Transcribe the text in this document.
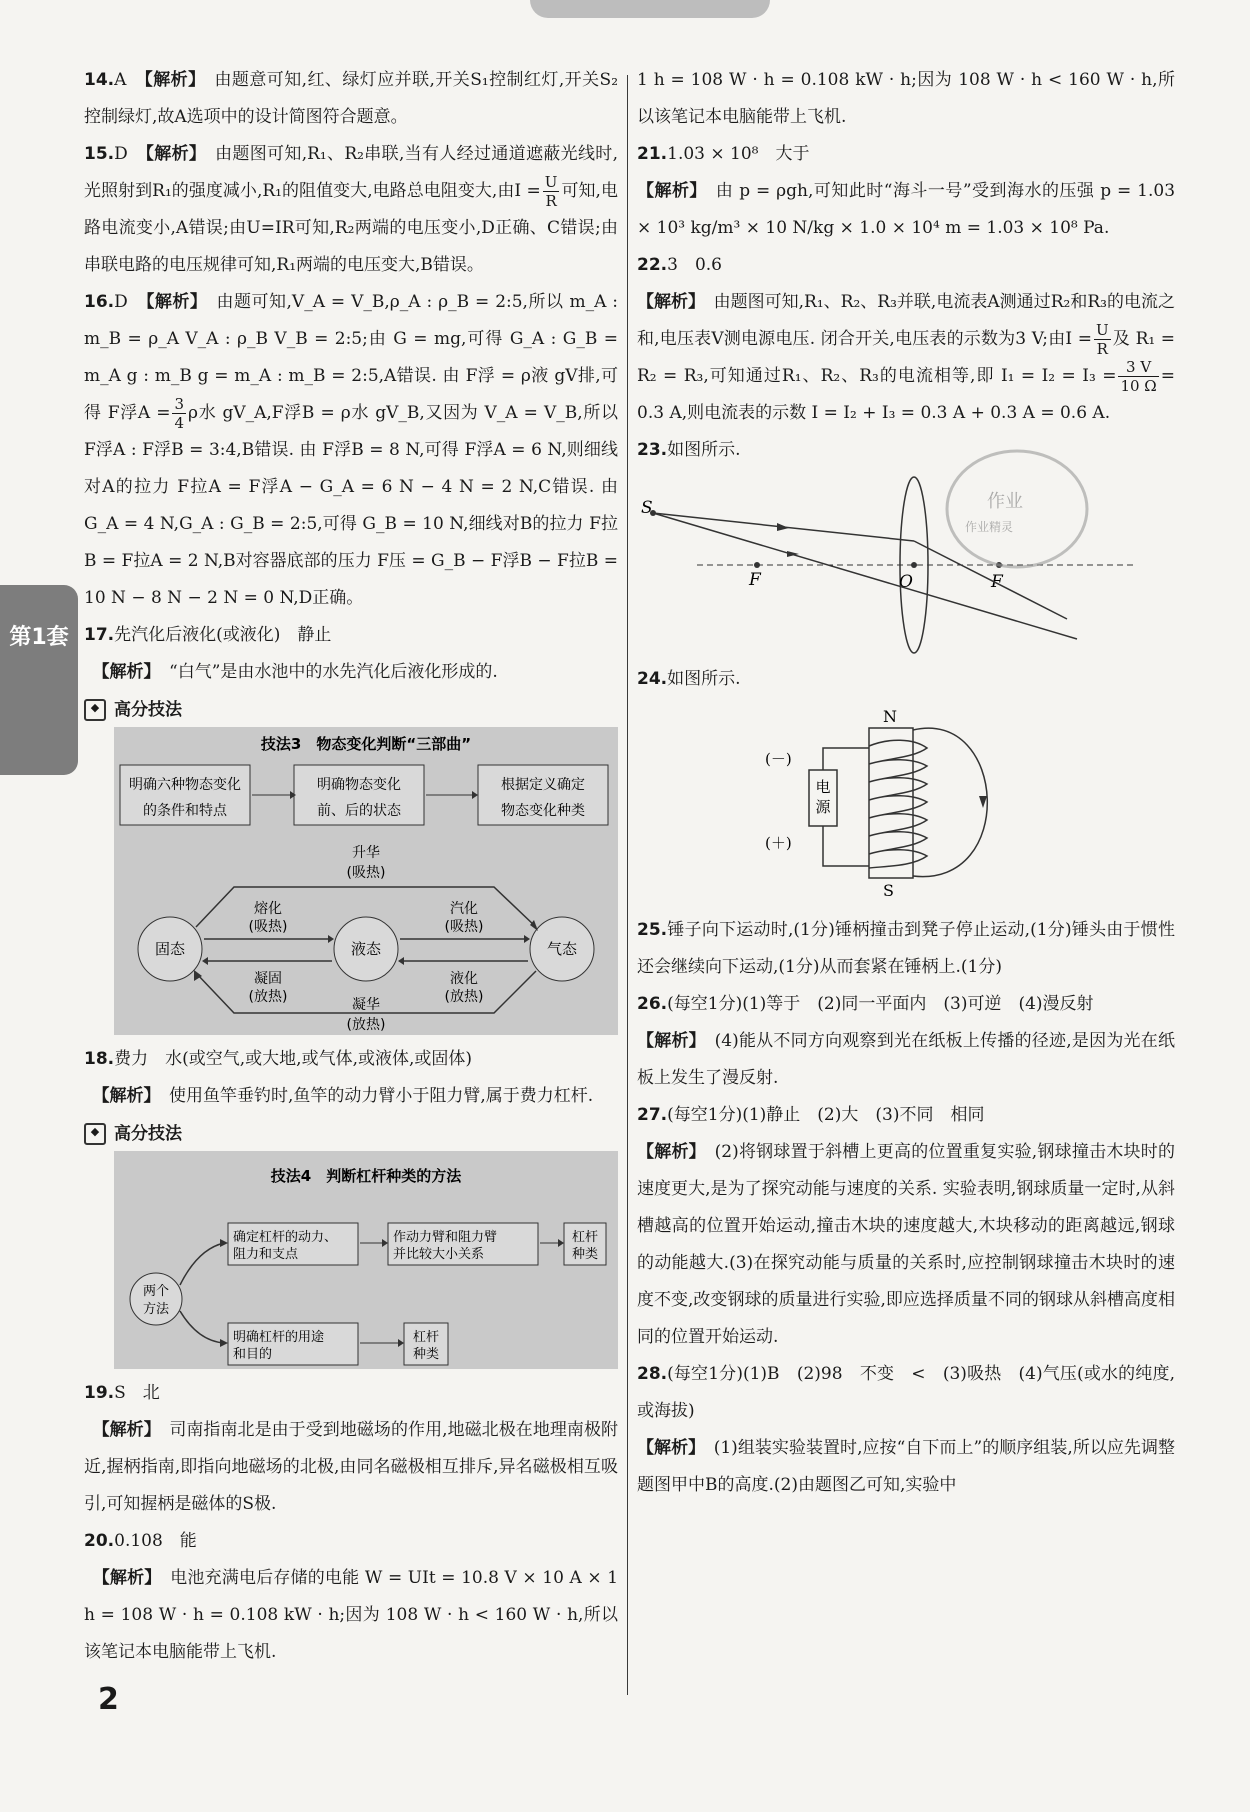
第1套

14.A　 【解析】　 由题意可知,红、绿灯应并联,开关S₁控制红灯,开关S₂控制绿灯,故A选项中的设计简图符合题意。

15.D　 【解析】　 由题图可知,R₁、R₂串联,当有人经过通道遮蔽光线时,光照射到R₁的强度减小,R₁的阻值变大,电路总电阻变大,由$I = \frac{U}{R}$ 可知,电路电流变小,A错误;由U=IR可知,R₂两端的电压变小,D正确、C错误;由串联电路的电压规律可知,R₁两端的电压变大,B错误。

16.D　 【解析】　 由题可知,V_A = V_B,ρ_A : ρ_B = 2:5,所以 m_A : m_B = ρ_A V_A : ρ_B V_B = 2:5;由 G = mg,可得 G_A : G_B = m_A g : m_B g = m_A : m_B = 2:5,A错误. 由 F浮 = ρ液 gV排,可得 F浮$A = \frac{3}{4}$ ρ水 gV_A,F浮B = ρ水 gV_B,又因为 V_A = V_B,所以 F浮A : F浮B = 3:4,B错误. 由 F浮B = 8 N,可得 F浮A = 6 N,则细线对A的拉力 F拉A = F浮A − G_A = 6 N − 4 N = 2 N,C错误. 由 G_A = 4 N,G_A : G_B = 2:5,可得 G_B = 10 N,细线对B的拉力 F拉B = F拉A = 2 N,B对容器底部的压力 F压 = G_B − F浮B − F拉B = 10 N − 8 N − 2 N = 0 N,D正确。

17.先汽化后液化(或液化)　静止

　【解析】　 “白气”是由水池中的水先汽化后液化形成的.

◆ 高分技法
技法3　物态变化判断“三部曲”
明确六种物态变化
的条件和特点
明确物态变化
前、后的状态
根据定义确定
物态变化种类
固态	液态	气态
升华
(吸热)
熔化
(吸热)
汽化
(吸热)
凝固
(放热)
液化
(放热)
凝华
(放热)

18.费力　水(或空气,或大地,或气体,或液体,或固体)

　【解析】　 使用鱼竿垂钓时,鱼竿的动力臂小于阻力臂,属于费力杠杆.

◆ 高分技法
技法4　判断杠杆种类的方法
两个
方法
确定杠杆的动力、
阻力和支点
作动力臂和阻力臂
并比较大小关系
杠杆
种类
明确杠杆的用途
和目的
杠杆
种类

19.S　北

　【解析】　 司南指南北是由于受到地磁场的作用,地磁北极在地理南极附近,握柄指南,即指向地磁场的北极,由同名磁极相互排斥,异名磁极相互吸引,可知握柄是磁体的S极.

20.0.108　能

　【解析】　 电池充满电后存储的电能 W = UIt = 10.8 V × 10 A × 1 h = 108 W · h = 0.108 kW · h;因为 108 W · h < 160 W · h,所以该笔记本电脑能带上飞机.

1 h = 108 W · h = 0.108 kW · h;因为 108 W · h < 160 W · h,所以该笔记本电脑能带上飞机.

21.1.03 × 10⁸　大于

【解析】　 由 p = ρgh,可知此时“海斗一号”受到海水的压强 p = 1.03 × 10³ kg/m³ × 10 N/kg × 1.0 × 10⁴ m = 1.03 × 10⁸ Pa.

22.3　0.6

【解析】　 由题图可知,R₁、R₂、R₃并联,电流表A测通过R₂和R₃的电流之和,电压表V测电源电压. 闭合开关,电压表的示数为3 V;由$I = \frac{U}{R}$ 及 R₁ = R₂ = R₃,可知通过R₁、R₂、R₃的电流相等,即 $I_1 = I_2 = I_3 = \frac{3 V}{10 \Omega} = 0.3$ A,则电流表的示数 I = I₂ + I₃ = 0.3 A + 0.3 A = 0.6 A.

23.如图所示.

S
F	O	F
作业
作业精灵

24.如图所示.

电
源
(－)
(＋)
N
S

25.锤子向下运动时,(1分)锤柄撞击到凳子停止运动,(1分)锤头由于惯性还会继续向下运动,(1分)从而套紧在锤柄上.(1分)

26.(每空1分)(1)等于　(2)同一平面内　(3)可逆　(4)漫反射

【解析】　 (4)能从不同方向观察到光在纸板上传播的径迹,是因为光在纸板上发生了漫反射.

27.(每空1分)(1)静止　(2)大　(3)不同　相同

【解析】　 (2)将钢球置于斜槽上更高的位置重复实验,钢球撞击木块时的速度更大,是为了探究动能与速度的关系. 实验表明,钢球质量一定时,从斜槽越高的位置开始运动,撞击木块的速度越大,木块移动的距离越远,钢球的动能越大.(3)在探究动能与质量的关系时,应控制钢球撞击木块时的速度不变,改变钢球的质量进行实验,即应选择质量不同的钢球从斜槽高度相同的位置开始运动.

28.(每空1分)(1)B　(2)98　不变　<　(3)吸热　(4)气压(或水的纯度,或海拔)

【解析】　 (1)组装实验装置时,应按“自下而上”的顺序组装,所以应先调整题图甲中B的高度.(2)由题图乙可知,实验中

2
